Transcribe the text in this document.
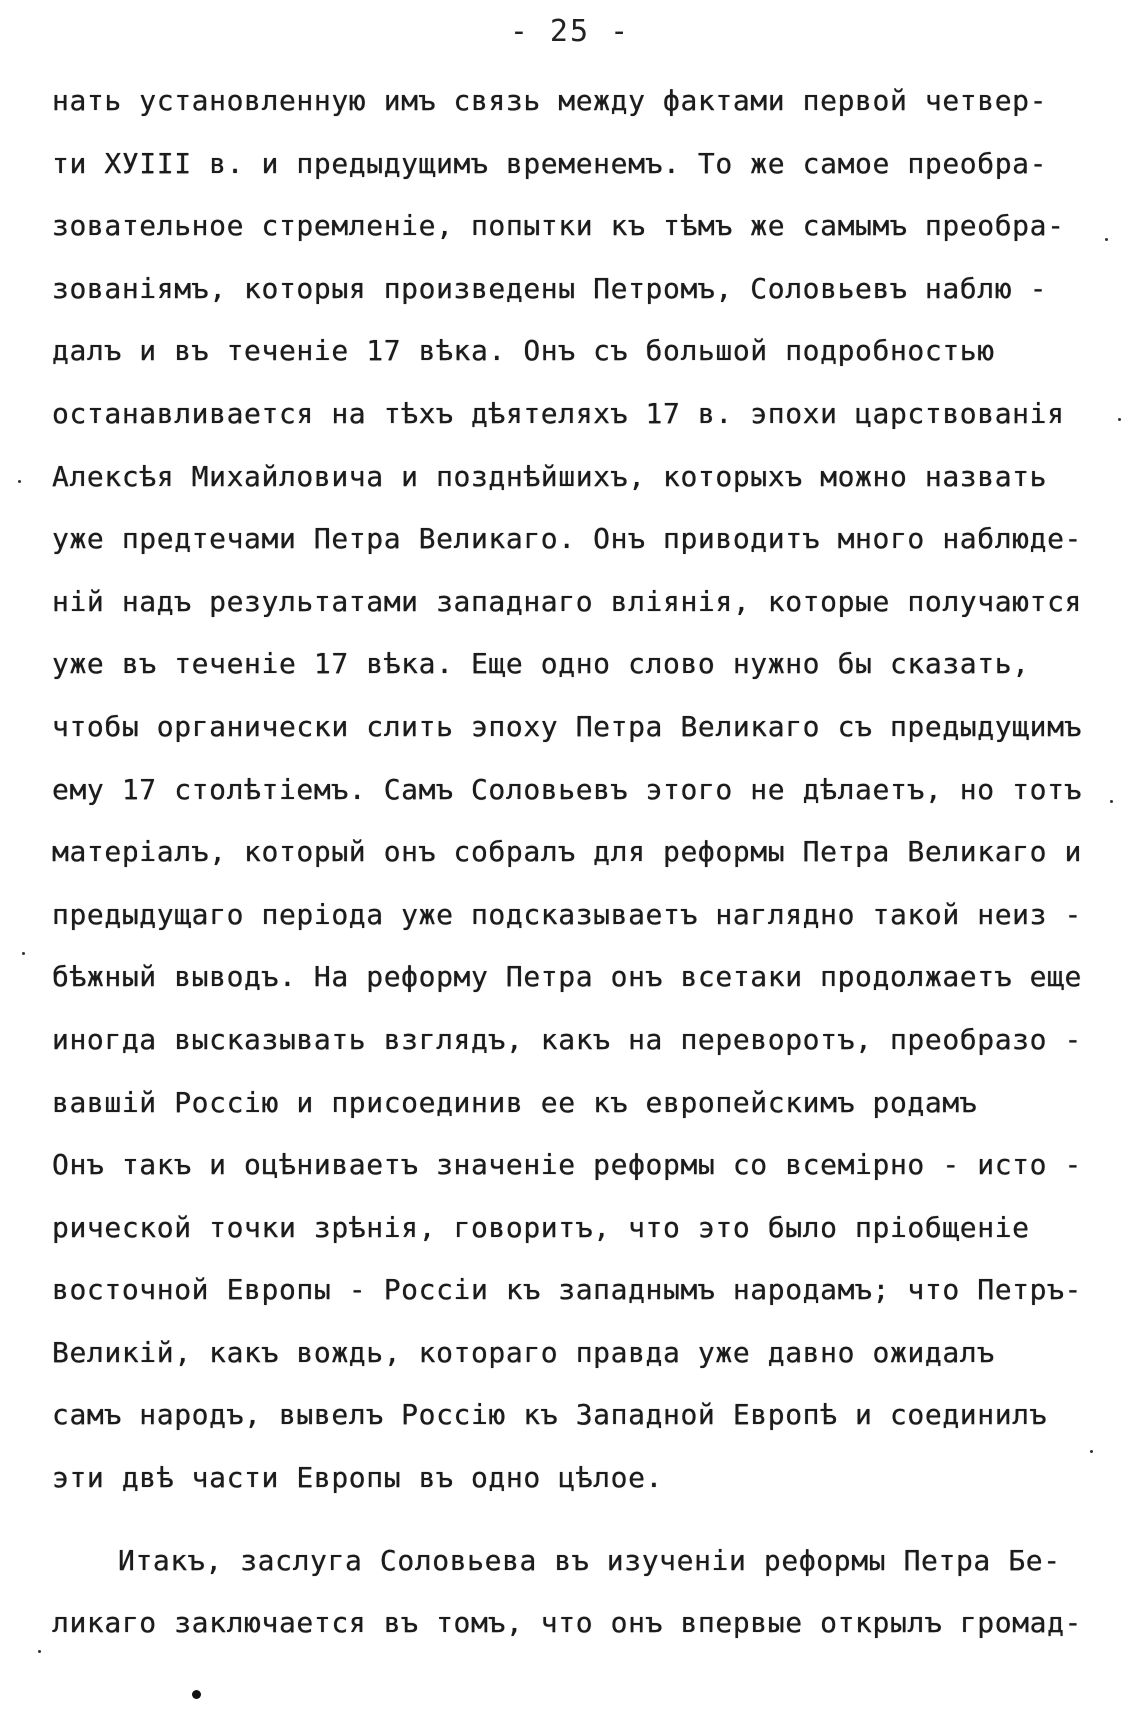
- 25 -
нать установленную имъ связь между фактами первой четвер-
ти ХУIII в. и предыдущимъ временемъ. То же самое преобра-
зовательное стремленiе, попытки къ тѣмъ же самымъ преобра-
зованiямъ, которыя произведены Петромъ, Соловьевъ наблю -
далъ и въ теченiе 17 вѣка. Онъ съ большой подробностью
останавливается на тѣхъ дѣятеляхъ 17 в. эпохи царствованiя
Алексѣя Михайловича и позднѣйшихъ, которыхъ можно назвать
уже предтечами Петра Великаго. Онъ приводитъ много наблюде-
нiй надъ результатами западнаго влiянiя, которые получаются
уже въ теченiе 17 вѣка. Еще одно слово нужно бы сказать,
чтобы органически слить эпоху Петра Великаго съ предыдущимъ
ему 17 столѣтiемъ. Самъ Соловьевъ этого не дѣлаетъ, но тотъ
матерiалъ, который онъ собралъ для реформы Петра Великаго и
предыдущаго перiода уже подсказываетъ наглядно такой неиз -
бѣжный выводъ. На реформу Петра онъ всетаки продолжаетъ еще
иногда высказывать взглядъ, какъ на переворотъ, преобразо -
вавшiй Россiю и присоединив ее къ европейскимъ родамъ
Онъ такъ и оцѣниваетъ значенiе реформы со всемiрно - исто -
рической точки зрѣнiя, говоритъ, что это было прiобщенiе
восточной Европы - Россiи къ западнымъ народамъ; что Петръ-
Великiй, какъ вождь, котораго правда уже давно ожидалъ
самъ народъ, вывелъ Россiю къ Западной Европѣ и соединилъ
эти двѣ части Европы въ одно цѣлое.
Итакъ, заслуга Соловьева въ изученiи реформы Петра Бе-
ликаго заключается въ томъ, что онъ впервые открылъ громад-
